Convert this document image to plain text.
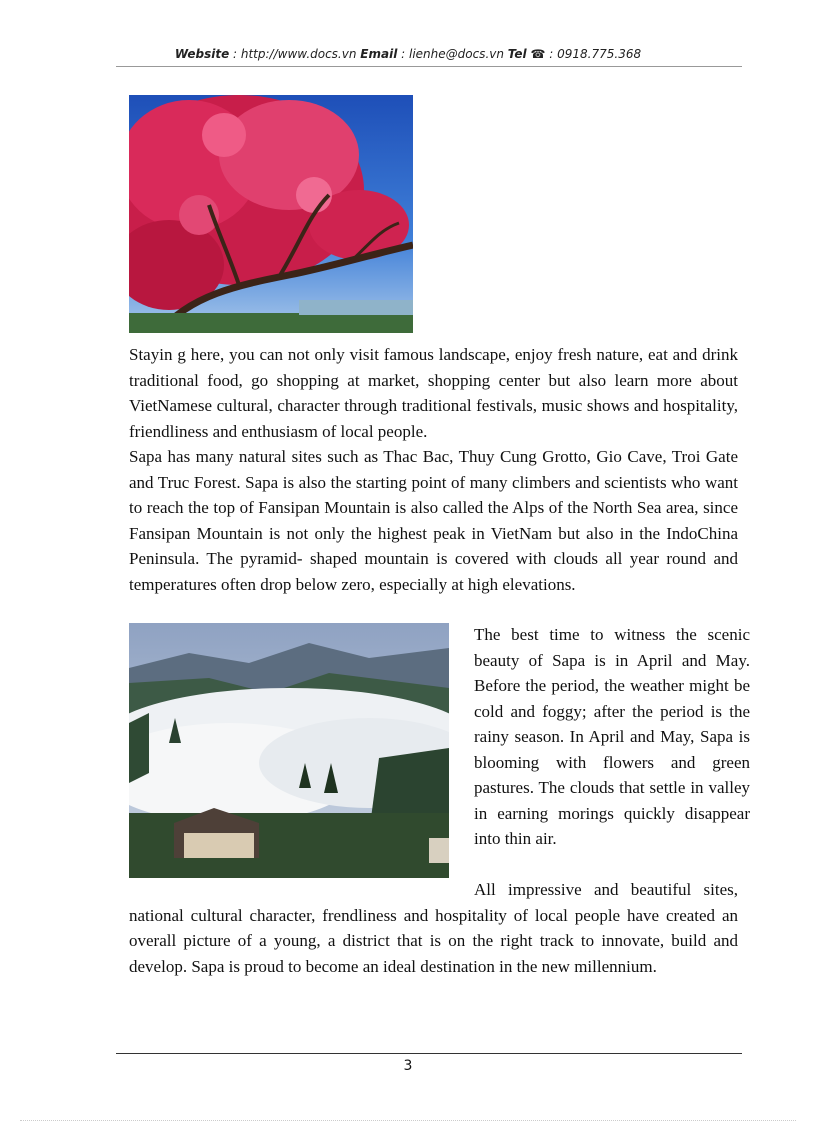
Website : http://www.docs.vn Email : lienhe@docs.vn Tel ☎ : 0918.775.368

Stayin g here, you can not only visit famous landscape, enjoy fresh nature, eat and drink traditional food, go shopping at market, shopping center but also learn more about VietNamese cultural, character through traditional festivals, music shows and hospitality, friendliness and enthusiasm of local people.

Sapa has many natural sites such as Thac Bac, Thuy Cung Grotto, Gio Cave, Troi Gate and Truc Forest. Sapa is also the starting point of many climbers and scientists who want to reach the top of Fansipan Mountain is also called the Alps of the North Sea area, since Fansipan Mountain is not only the highest peak in VietNam but also in the IndoChina Peninsula. The pyramid- shaped mountain is covered with clouds all year round and temperatures often drop below zero, especially at high elevations.

The best time to witness the scenic beauty of Sapa is in April and May. Before the period, the weather might be cold and foggy; after the period is the rainy season. In April and May, Sapa is blooming with flowers and green pastures. The clouds that settle in valley in earning morings quickly disappear into thin air.

All impressive and beautiful sites, national cultural character, frendliness and hospitality of local people have created an overall picture of a young, a district that is on the right track to innovate, build and develop. Sapa is proud to become an ideal destination in the new millennium.

3
